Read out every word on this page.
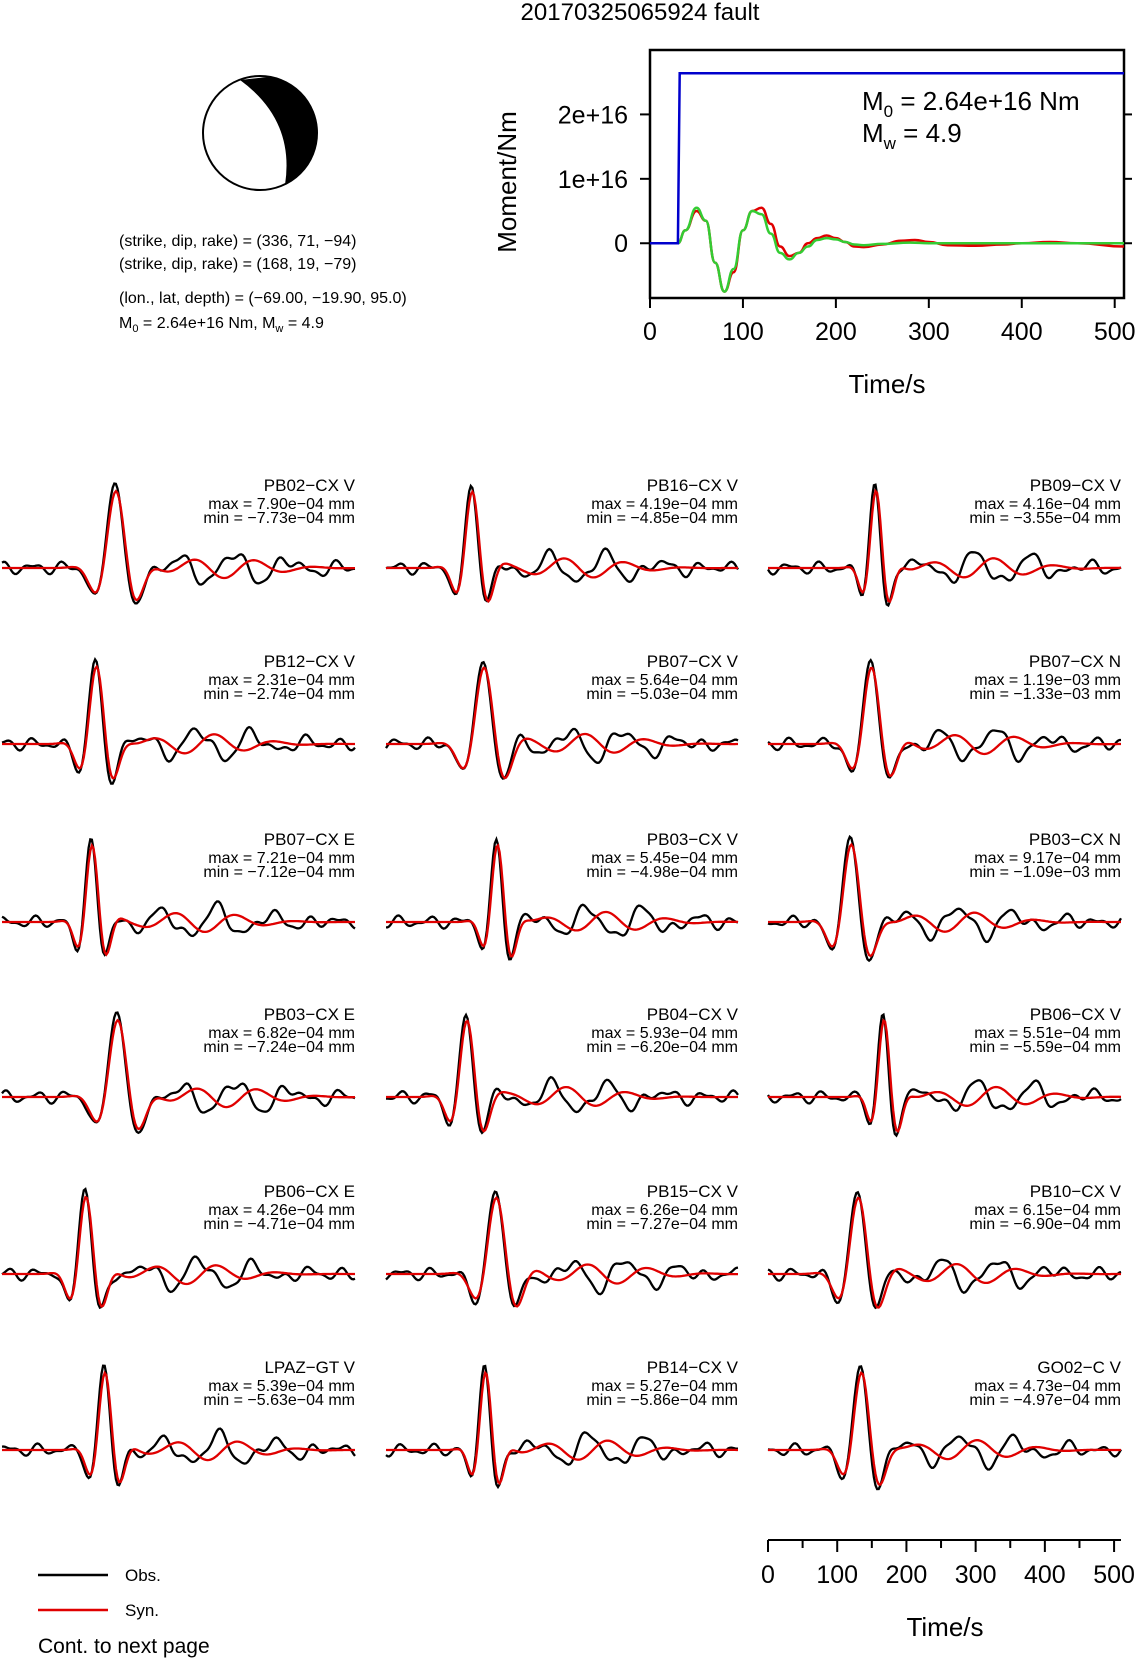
20170325065924 fault
(strike, dip, rake) = (336, 71, −94)
(strike, dip, rake) = (168, 19, −79)
(lon., lat, depth) = (−69.00, −19.90, 95.0)
$M_0 = 2.64e+16$ Nm, $M_w = 4.9$	0	100 200 300 400 500
0
1e+16
2e+16
Moment/Nm
Time/s
$M_0 = 2.64e+16$ Nm
$M_w = 4.9$
PB02−CX V
max = 7.90e−04 mm
min = −7.73e−04 mm
PB16−CX V
max = 4.19e−04 mm
min = −4.85e−04 mm
PB09−CX V
max = 4.16e−04 mm
min = −3.55e−04 mm
PB12−CX V
max = 2.31e−04 mm
min = −2.74e−04 mm
PB07−CX V
max = 5.64e−04 mm
min = −5.03e−04 mm
PB07−CX N
max = 1.19e−03 mm
min = −1.33e−03 mm
PB07−CX E
max = 7.21e−04 mm
min = −7.12e−04 mm
PB03−CX V
max = 5.45e−04 mm
min = −4.98e−04 mm
PB03−CX N
max = 9.17e−04 mm
min = −1.09e−03 mm
PB03−CX E
max = 6.82e−04 mm
min = −7.24e−04 mm
PB04−CX V
max = 5.93e−04 mm
min = −6.20e−04 mm
PB06−CX V
max = 5.51e−04 mm
min = −5.59e−04 mm
PB06−CX E
max = 4.26e−04 mm
min = −4.71e−04 mm
PB15−CX V
max = 6.26e−04 mm
min = −7.27e−04 mm
PB10−CX V
max = 6.15e−04 mm
min = −6.90e−04 mm
LPAZ−GT V
max = 5.39e−04 mm
min = −5.63e−04 mm
PB14−CX V
max = 5.27e−04 mm
min = −5.86e−04 mm
GO02−C V
max = 4.73e−04 mm
min = −4.97e−04 mm
0 100 200 300 400 500
Time/s
Obs.
Syn.
Cont. to next page
